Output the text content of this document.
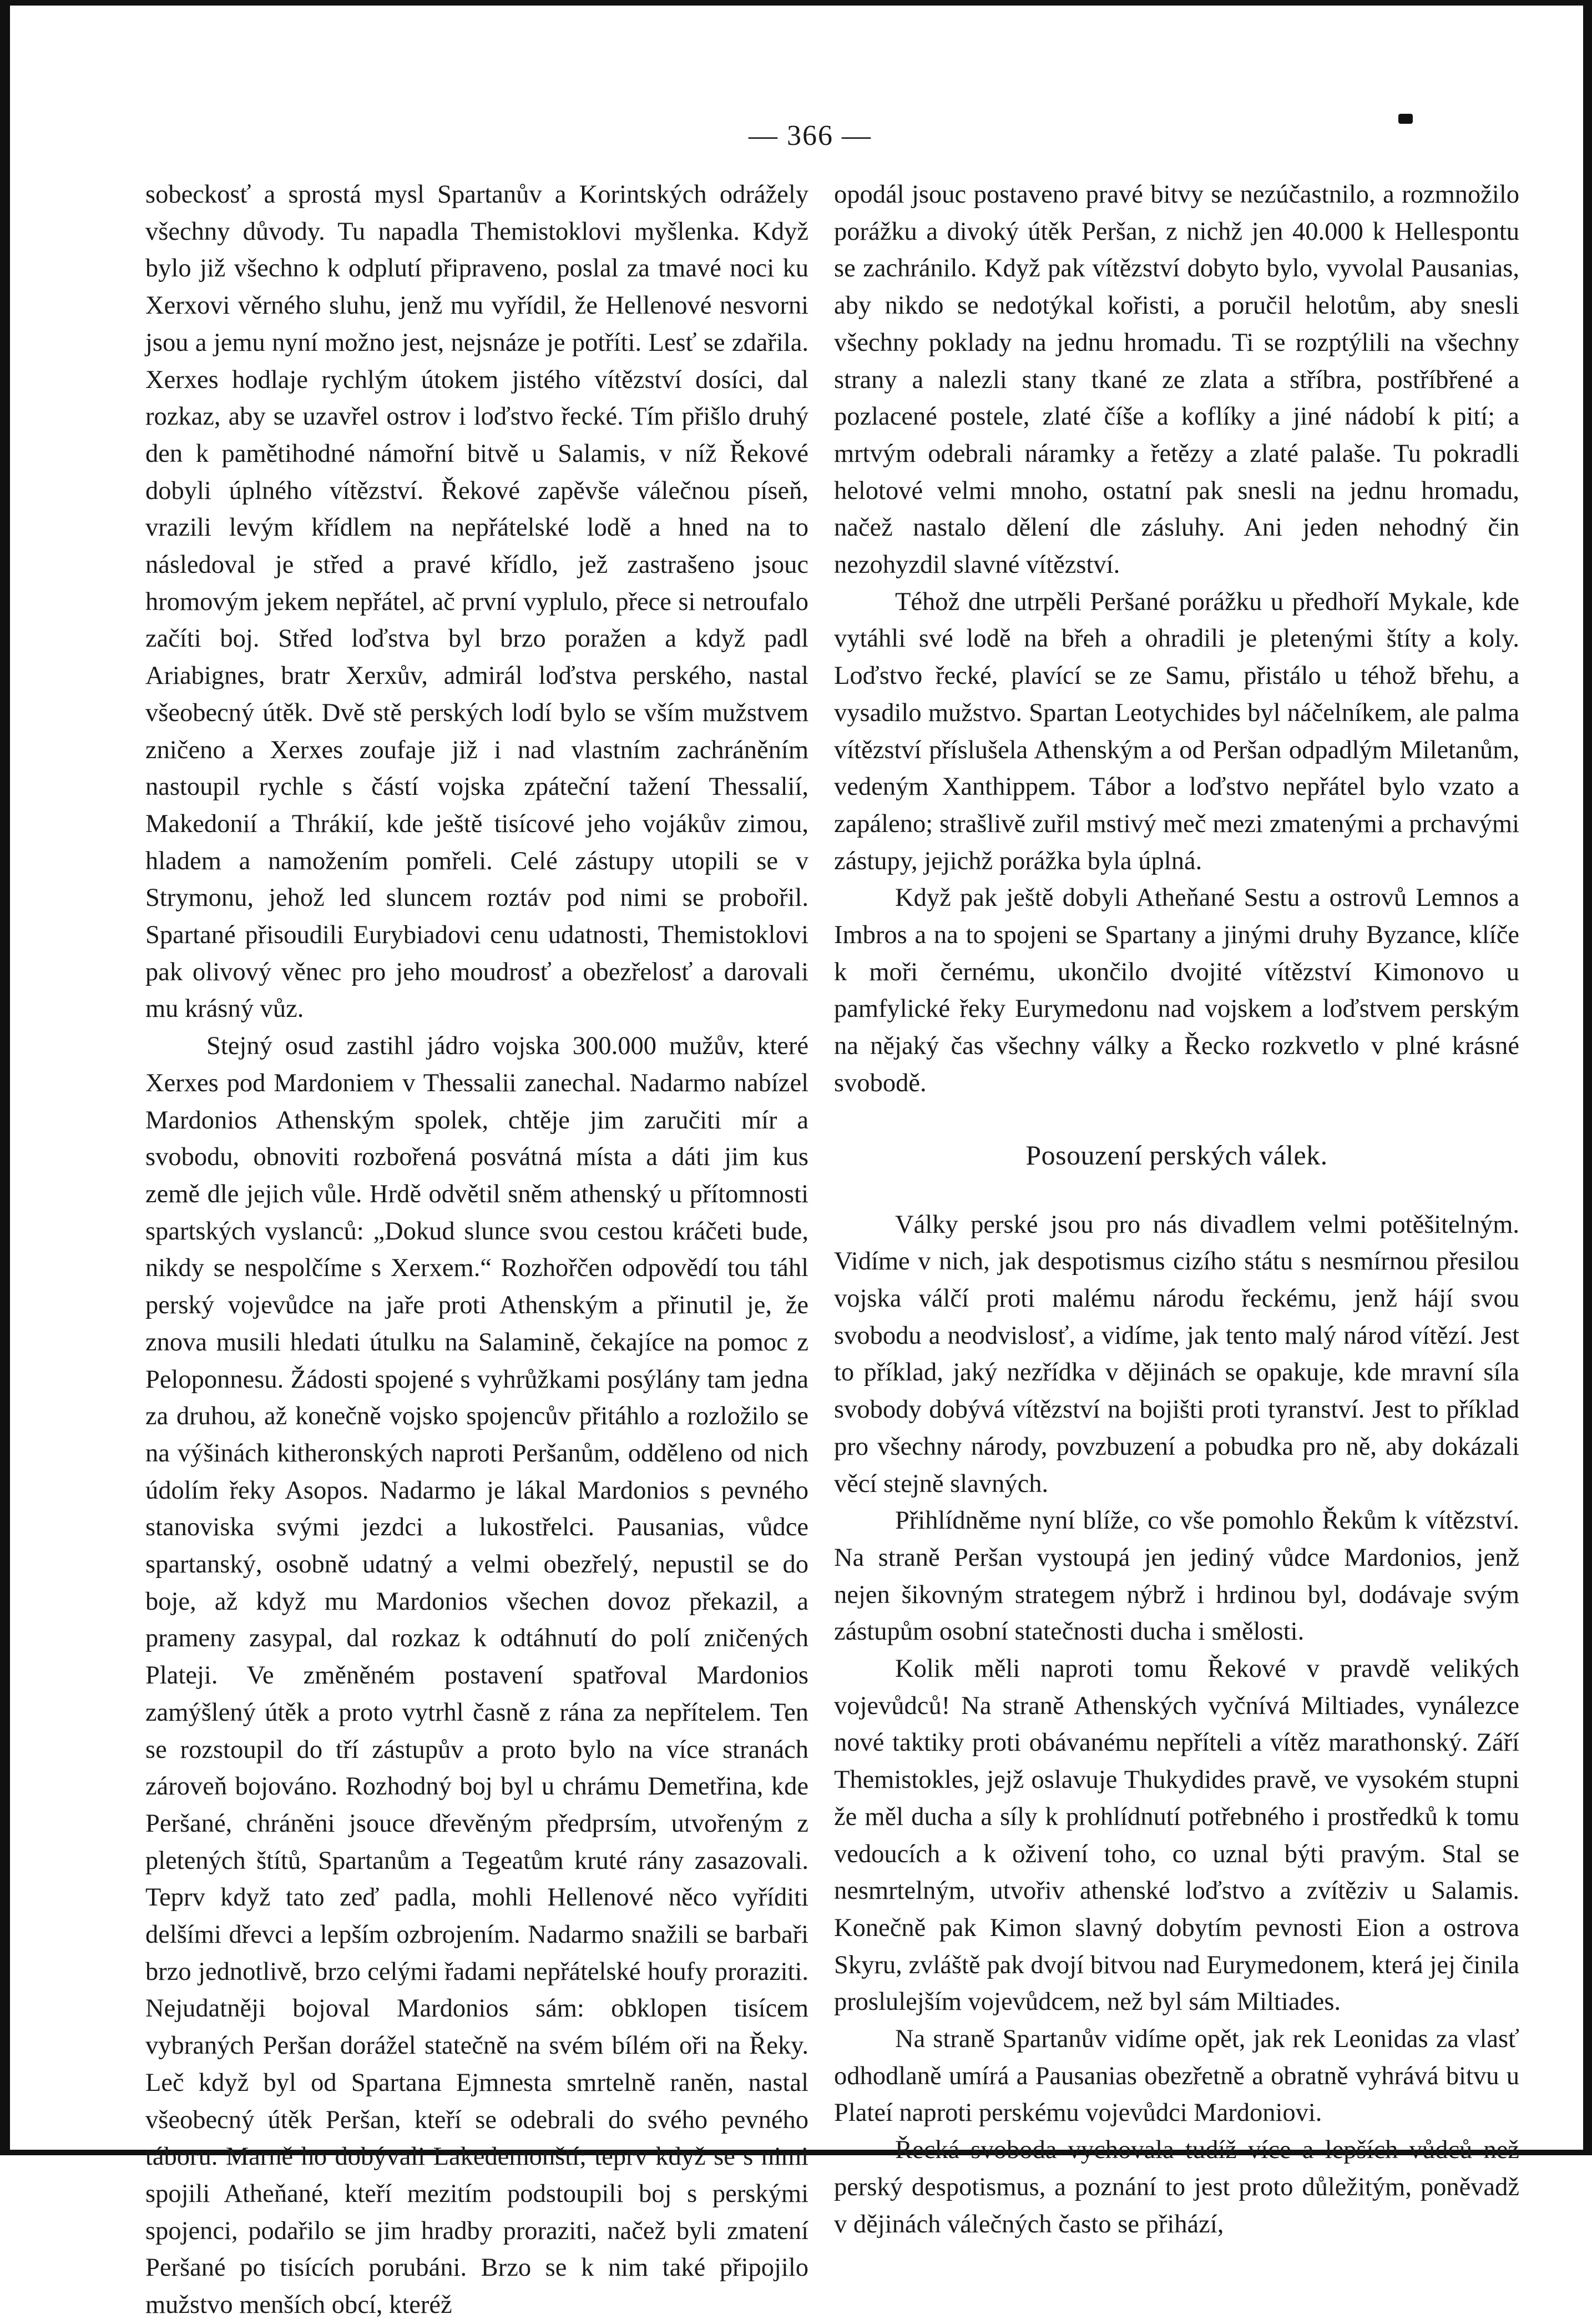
— 366 —

sobeckosť a sprostá mysl Spartanův a Korintských odrážely všechny důvody. Tu napadla Themistoklovi myšlenka. Když bylo již všechno k odplutí připraveno, poslal za tmavé noci ku Xerxovi věrného sluhu, jenž mu vyřídil, že Hellenové nesvorni jsou a jemu nyní možno jest, nejsnáze je potříti. Lesť se zdařila. Xerxes hodlaje rychlým útokem jistého vítězství dosíci, dal rozkaz, aby se uzavřel ostrov i loďstvo řecké. Tím přišlo druhý den k pamětihodné námořní bitvě u Salamis, v níž Řekové dobyli úplného vítězství. Řekové zapěvše válečnou píseň, vrazili levým křídlem na nepřátelské lodě a hned na to následoval je střed a pravé křídlo, jež zastrašeno jsouc hromovým jekem nepřátel, ač první vyplulo, přece si netroufalo začíti boj. Střed loďstva byl brzo poražen a když padl Ariabignes, bratr Xerxův, admirál loďstva perského, nastal všeobecný útěk. Dvě stě perských lodí bylo se vším mužstvem zničeno a Xerxes zoufaje již i nad vlastním zachráněním nastoupil rychle s částí vojska zpáteční tažení Thessalií, Makedonií a Thrákií, kde ještě tisícové jeho vojákův zimou, hladem a namožením pomřeli. Celé zástupy utopili se v Strymonu, jehož led sluncem roztáv pod nimi se probořil. Spartané přisoudili Eurybiadovi cenu udatnosti, Themistoklovi pak olivový věnec pro jeho moudrosť a obezřelosť a darovali mu krásný vůz.

Stejný osud zastihl jádro vojska 300.000 mužův, které Xerxes pod Mardoniem v Thessalii zanechal. Nadarmo nabízel Mardonios Athenským spolek, chtěje jim zaručiti mír a svobodu, obnoviti rozbořená posvátná místa a dáti jim kus země dle jejich vůle. Hrdě odvětil sněm athenský u přítomnosti spartských vyslanců: „Dokud slunce svou cestou kráčeti bude, nikdy se nespolčíme s Xerxem.“ Rozhořčen odpovědí tou táhl perský vojevůdce na jaře proti Athenským a přinutil je, že znova musili hledati útulku na Salamině, čekajíce na pomoc z Peloponnesu. Žádosti spojené s vyhrůžkami posýlány tam jedna za druhou, až konečně vojsko spojencův přitáhlo a rozložilo se na výšinách kitheronských naproti Peršanům, odděleno od nich údolím řeky Asopos. Nadarmo je lákal Mardonios s pevného stanoviska svými jezdci a lukostřelci. Pausanias, vůdce spartanský, osobně udatný a velmi obezřelý, nepustil se do boje, až když mu Mardonios všechen dovoz překazil, a prameny zasypal, dal rozkaz k odtáhnutí do polí zničených Plateji. Ve změněném postavení spatřoval Mardonios zamýšlený útěk a proto vytrhl časně z rána za nepřítelem. Ten se rozstoupil do tří zástupův a proto bylo na více stranách zároveň bojováno. Rozhodný boj byl u chrámu Demetřina, kde Peršané, chráněni jsouce dřevěným předprsím, utvořeným z pletených štítů, Spartanům a Tegeatům kruté rány zasazovali. Teprv když tato zeď padla, mohli Hellenové něco vyříditi delšími dřevci a lepším ozbrojením. Nadarmo snažili se barbaři brzo jednotlivě, brzo celými řadami nepřátelské houfy proraziti. Nejudatněji bojoval Mardonios sám: obklopen tisícem vybraných Peršan dorážel statečně na svém bílém oři na Řeky. Leč když byl od Spartana Ejmnesta smrtelně raněn, nastal všeobecný útěk Peršan, kteří se odebrali do svého pevného táboru. Marně ho dobývali Lakedemonští; teprv když se s nimi spojili Atheňané, kteří mezitím podstoupili boj s perskými spojenci, podařilo se jim hradby proraziti, načež byli zmatení Peršané po tisících porubáni. Brzo se k nim také připojilo mužstvo menších obcí, kteréž

opodál jsouc postaveno pravé bitvy se nezúčastnilo, a rozmnožilo porážku a divoký útěk Peršan, z nichž jen 40.000 k Hellespontu se zachránilo. Když pak vítězství dobyto bylo, vyvolal Pausanias, aby nikdo se nedotýkal kořisti, a poručil helotům, aby snesli všechny poklady na jednu hromadu. Ti se rozptýlili na všechny strany a nalezli stany tkané ze zlata a stříbra, postříbřené a pozlacené postele, zlaté číše a koflíky a jiné nádobí k pití; a mrtvým odebrali náramky a řetězy a zlaté palaše. Tu pokradli helotové velmi mnoho, ostatní pak snesli na jednu hromadu, načež nastalo dělení dle zásluhy. Ani jeden nehodný čin nezohyzdil slavné vítězství.

Téhož dne utrpěli Peršané porážku u předhoří Mykale, kde vytáhli své lodě na břeh a ohradili je pletenými štíty a koly. Loďstvo řecké, plavící se ze Samu, přistálo u téhož břehu, a vysadilo mužstvo. Spartan Leotychides byl náčelníkem, ale palma vítězství příslušela Athenským a od Peršan odpadlým Miletanům, vedeným Xanthippem. Tábor a loďstvo nepřátel bylo vzato a zapáleno; strašlivě zuřil mstivý meč mezi zmatenými a prchavými zástupy, jejichž porážka byla úplná.

Když pak ještě dobyli Atheňané Sestu a ostrovů Lemnos a Imbros a na to spojeni se Spartany a jinými druhy Byzance, klíče k moři černému, ukončilo dvojité vítězství Kimonovo u pamfylické řeky Eurymedonu nad vojskem a loďstvem perským na nějaký čas všechny války a Řecko rozkvetlo v plné krásné svobodě.

Posouzení perských válek.

Války perské jsou pro nás divadlem velmi potěšitelným. Vidíme v nich, jak despotismus cizího státu s nesmírnou přesilou vojska válčí proti malému národu řeckému, jenž hájí svou svobodu a neodvislosť, a vidíme, jak tento malý národ vítězí. Jest to příklad, jaký nezřídka v dějinách se opakuje, kde mravní síla svobody dobývá vítězství na bojišti proti tyranství. Jest to příklad pro všechny národy, povzbuzení a pobudka pro ně, aby dokázali věcí stejně slavných.

Přihlídněme nyní blíže, co vše pomohlo Řekům k vítězství. Na straně Peršan vystoupá jen jediný vůdce Mardonios, jenž nejen šikovným strategem nýbrž i hrdinou byl, dodávaje svým zástupům osobní statečnosti ducha i smělosti.

Kolik měli naproti tomu Řekové v pravdě velikých vojevůdců! Na straně Athenských vyčnívá Miltiades, vynálezce nové taktiky proti obávanému nepříteli a vítěz marathonský. Září Themistokles, jejž oslavuje Thukydides pravě, ve vysokém stupni že měl ducha a síly k prohlídnutí potřebného i prostředků k tomu vedoucích a k oživení toho, co uznal býti pravým. Stal se nesmrtelným, utvořiv athenské loďstvo a zvítěziv u Salamis. Konečně pak Kimon slavný dobytím pevnosti Eion a ostrova Skyru, zvláště pak dvojí bitvou nad Eurymedonem, která jej činila proslulejším vojevůdcem, než byl sám Miltiades.

Na straně Spartanův vidíme opět, jak rek Leonidas za vlasť odhodlaně umírá a Pausanias obezřetně a obratně vyhrává bitvu u Plateí naproti perskému vojevůdci Mardoniovi.

Řecká svoboda vychovala tudíž více a lepších vůdců než perský despotismus, a poznání to jest proto důležitým, poněvadž v dějinách válečných často se přihází,
